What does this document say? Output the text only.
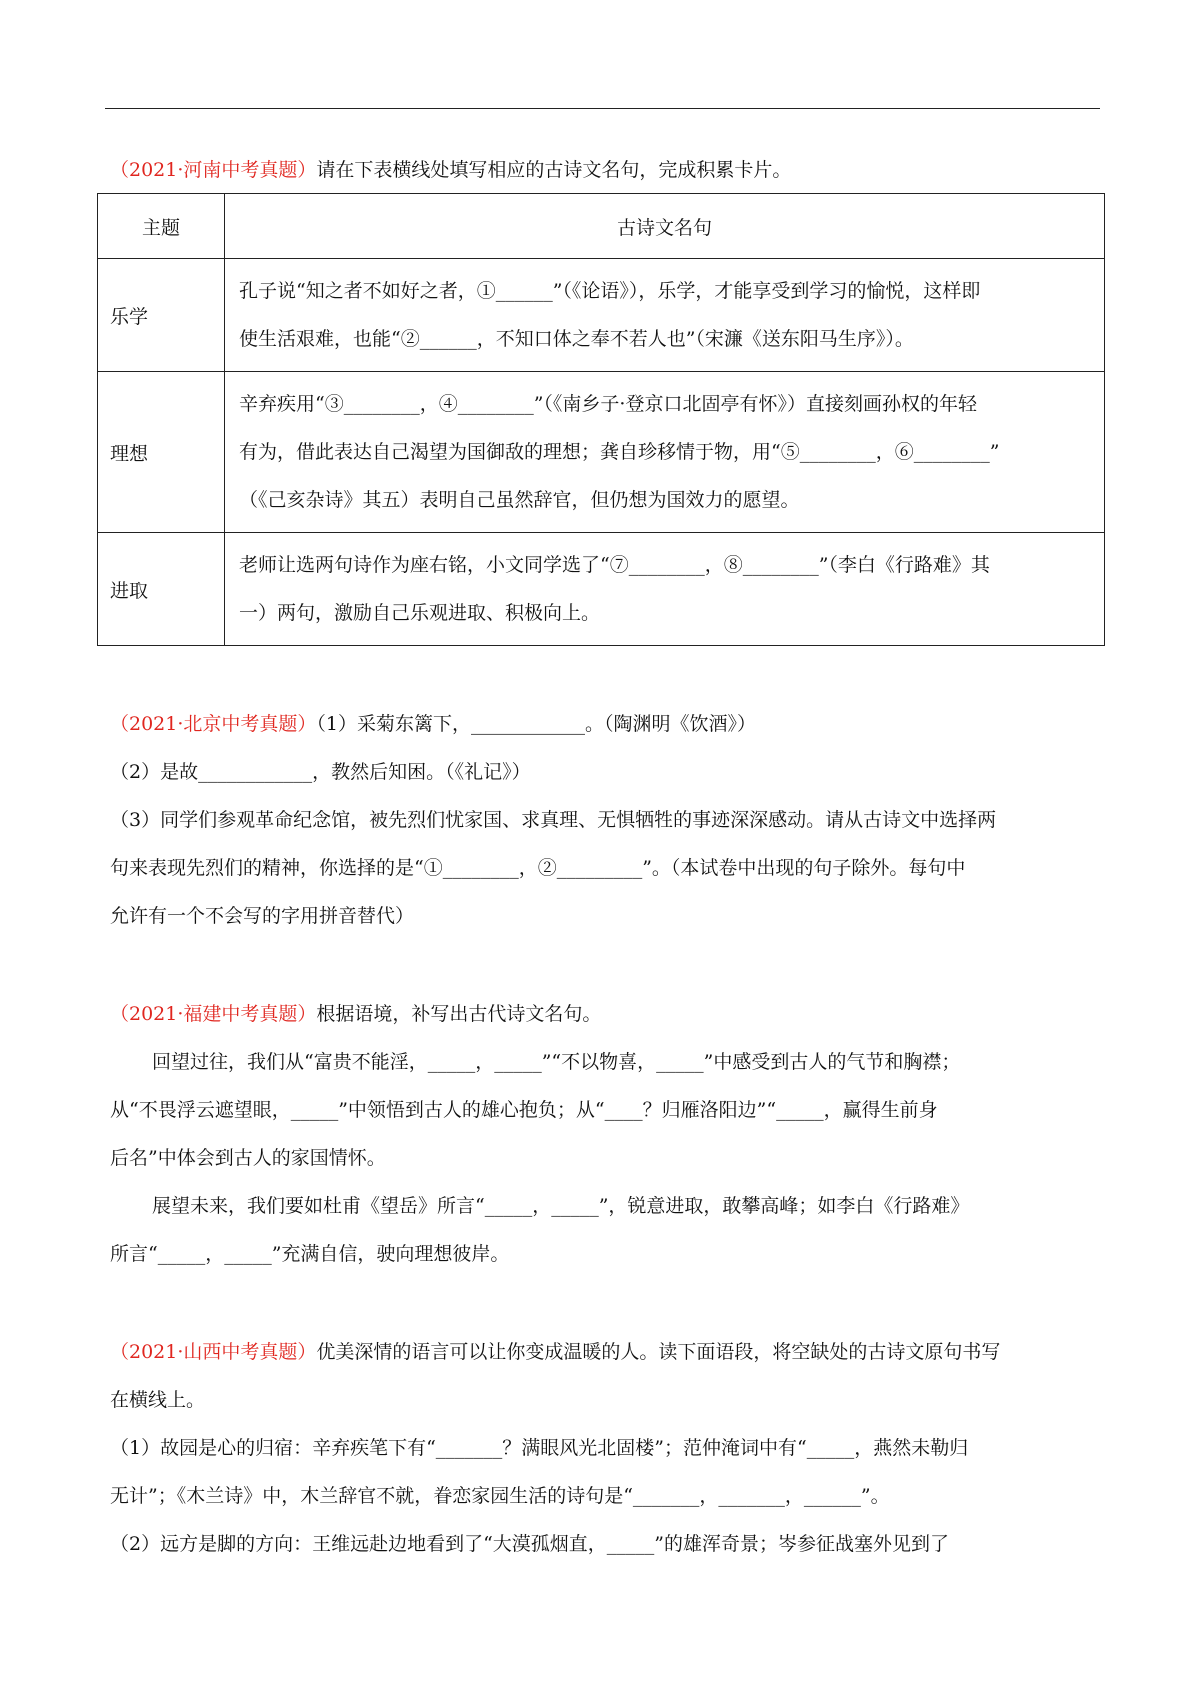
（2021·河南中考真题）请在下表横线处填写相应的古诗文名句，完成积累卡片。
主题	古诗文名句
乐学	孔子说“知之者不如好之者，①______”（《论语》），乐学，才能享受到学习的愉悦，这样即
使生活艰难，也能“②______，不知口体之奉不若人也”（宋濂《送东阳马生序》）。

理想	辛弃疾用“③________，④________”（《南乡子·登京口北固亭有怀》）直接刻画孙权的年轻
有为，借此表达自己渴望为国御敌的理想；龚自珍移情于物，用“⑤________，⑥________”
（《己亥杂诗》其五）表明自己虽然辞官，但仍想为国效力的愿望。

进取	老师让选两句诗作为座右铭，小文同学选了“⑦________，⑧________”（李白《行路难》其
一）两句，激励自己乐观进取、积极向上。
（2021·北京中考真题）（1）采菊东篱下，____________。（陶渊明《饮酒》）
（2）是故____________，教然后知困。（《礼记》）
（3）同学们参观革命纪念馆，被先烈们忧家国、求真理、无惧牺牲的事迹深深感动。请从古诗文中选择两
句来表现先烈们的精神，你选择的是“①________，②_________”。（本试卷中出现的句子除外。每句中
允许有一个不会写的字用拼音替代）
（2021·福建中考真题）根据语境，补写出古代诗文名句。
回望过往，我们从“富贵不能淫，_____，_____”“不以物喜，_____”中感受到古人的气节和胸襟；
从“不畏浮云遮望眼，_____”中领悟到古人的雄心抱负；从“____？归雁洛阳边”“_____，赢得生前身
后名”中体会到古人的家国情怀。
展望未来，我们要如杜甫《望岳》所言“_____，_____”，锐意进取，敢攀高峰；如李白《行路难》
所言“_____，_____”充满自信，驶向理想彼岸。
（2021·山西中考真题）优美深情的语言可以让你变成温暖的人。读下面语段，将空缺处的古诗文原句书写
在横线上。
（1）故园是心的归宿：辛弃疾笔下有“_______？满眼风光北固楼”；范仲淹词中有“_____，燕然未勒归
无计”；《木兰诗》中，木兰辞官不就，眷恋家园生活的诗句是“_______，_______，______”。
（2）远方是脚的方向：王维远赴边地看到了“大漠孤烟直，_____”的雄浑奇景；岑参征战塞外见到了
